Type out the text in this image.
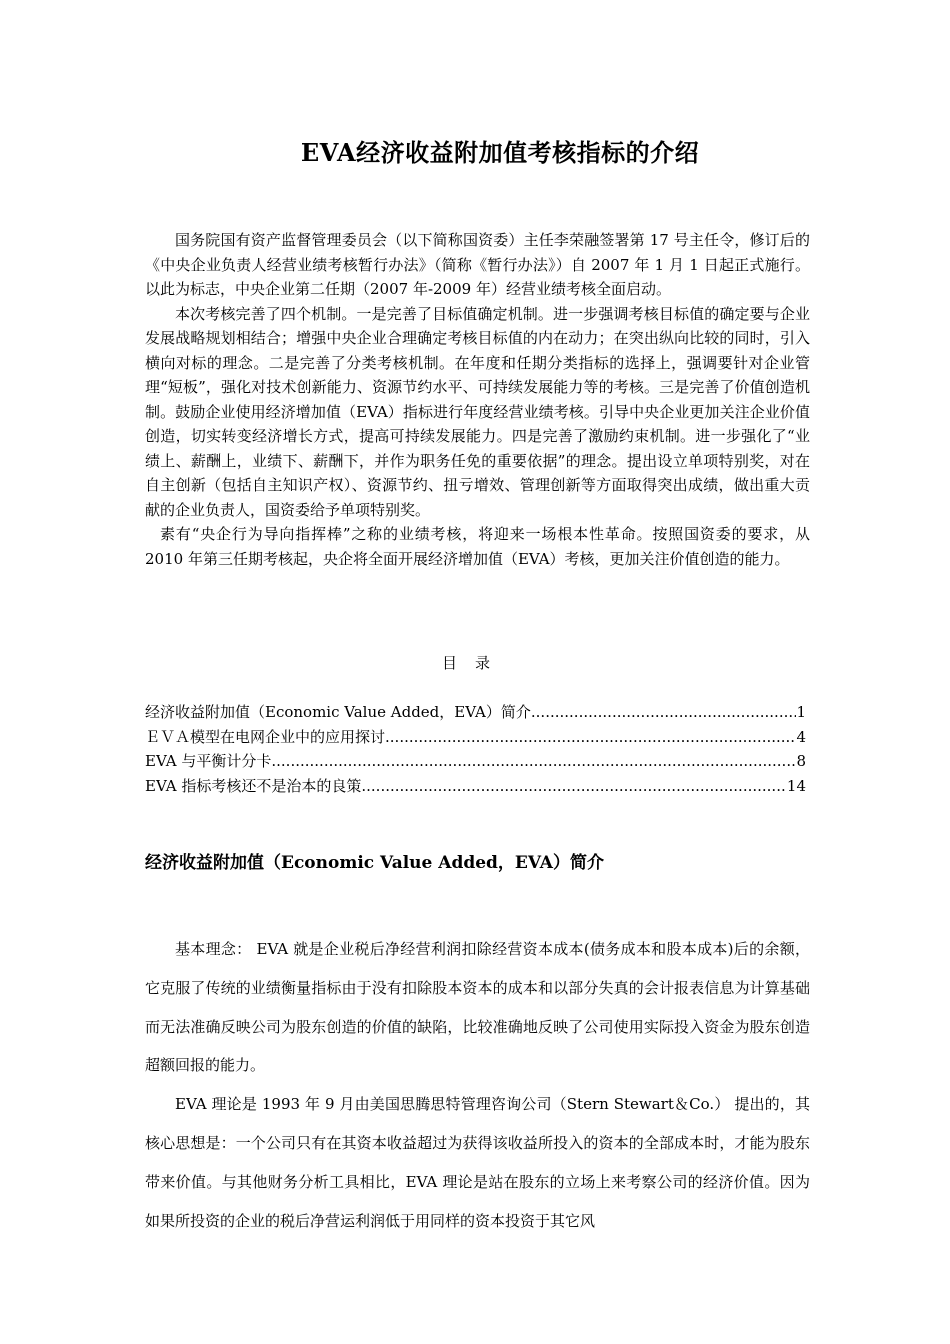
EVA经济收益附加值考核指标的介绍

国务院国有资产监督管理委员会（以下简称国资委）主任李荣融签署第 17 号主任令，修订后的《中央企业负责人经营业绩考核暂行办法》（简称《暂行办法》）自 2007 年 1 月 1 日起正式施行。以此为标志，中央企业第二任期（2007 年-2009 年）经营业绩考核全面启动。

本次考核完善了四个机制。一是完善了目标值确定机制。进一步强调考核目标值的确定要与企业发展战略规划相结合；增强中央企业合理确定考核目标值的内在动力；在突出纵向比较的同时，引入横向对标的理念。二是完善了分类考核机制。在年度和任期分类指标的选择上，强调要针对企业管理“短板”，强化对技术创新能力、资源节约水平、可持续发展能力等的考核。三是完善了价值创造机制。鼓励企业使用经济增加值（EVA）指标进行年度经营业绩考核。引导中央企业更加关注企业价值创造，切实转变经济增长方式，提高可持续发展能力。四是完善了激励约束机制。进一步强化了“业绩上、薪酬上，业绩下、薪酬下，并作为职务任免的重要依据”的理念。提出设立单项特别奖，对在自主创新（包括自主知识产权）、资源节约、扭亏增效、管理创新等方面取得突出成绩，做出重大贡献的企业负责人，国资委给予单项特别奖。

素有“央企行为导向指挥棒”之称的业绩考核，将迎来一场根本性革命。按照国资委的要求，从 2010 年第三任期考核起，央企将全面开展经济增加值（EVA）考核，更加关注价值创造的能力。

目录
经济收益附加值（Economic Value Added，EVA）简介 .....	1
ＥＶＡ模型在电网企业中的应用探讨 .....	4
EVA 与平衡计分卡 .....	8
EVA 指标考核还不是治本的良策 .....	14
经济收益附加值（Economic Value Added，EVA）简介

基本理念： EVA 就是企业税后净经营利润扣除经营资本成本(债务成本和股本成本)后的余额，它克服了传统的业绩衡量指标由于没有扣除股本资本的成本和以部分失真的会计报表信息为计算基础而无法准确反映公司为股东创造的价值的缺陷，比较准确地反映了公司使用实际投入资金为股东创造超额回报的能力。

EVA 理论是 1993 年 9 月由美国思腾思特管理咨询公司（Stern Stewart＆Co.） 提出的，其核心思想是：一个公司只有在其资本收益超过为获得该收益所投入的资本的全部成本时，才能为股东带来价值。与其他财务分析工具相比，EVA 理论是站在股东的立场上来考察公司的经济价值。因为如果所投资的企业的税后净营运利润低于用同样的资本投资于其它风
